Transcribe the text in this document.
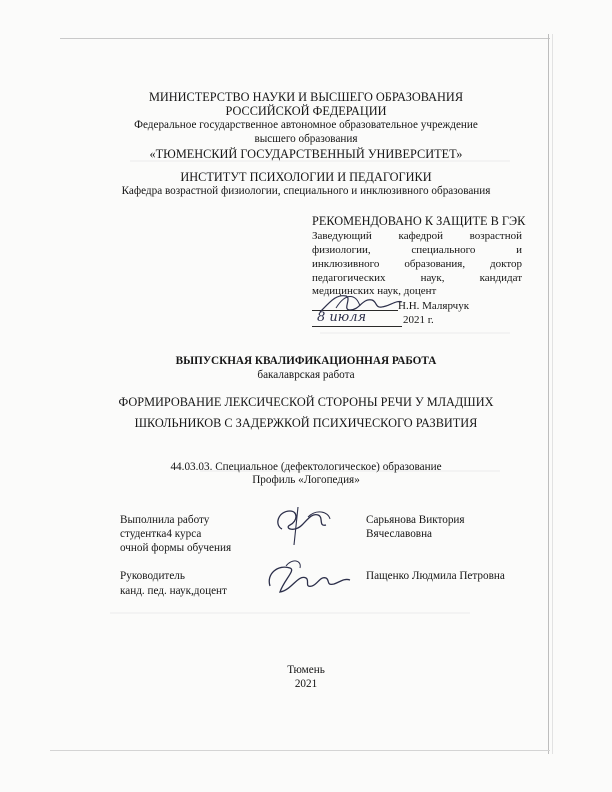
МИНИСТЕРСТВО НАУКИ И ВЫСШЕГО ОБРАЗОВАНИЯ
РОССИЙСКОЙ ФЕДЕРАЦИИ
Федеральное государственное автономное образовательное учреждение
высшего образования
«ТЮМЕНСКИЙ ГОСУДАРСТВЕННЫЙ УНИВЕРСИТЕТ»
ИНСТИТУТ ПСИХОЛОГИИ И ПЕДАГОГИКИ
Кафедра возрастной физиологии, специального и инклюзивного образования
РЕКОМЕНДОВАНО К ЗАЩИТЕ В ГЭК
Заведующий кафедрой возрастной
физиологии, специального и
инклюзивного образования, доктор
педагогических наук, кандидат
медицинских наук, доцент
Н.Н. Малярчук
8 июля	2021 г.
ВЫПУСКНАЯ КВАЛИФИКАЦИОННАЯ РАБОТА
бакалаврская работа
ФОРМИРОВАНИЕ ЛЕКСИЧЕСКОЙ СТОРОНЫ РЕЧИ У МЛАДШИХ
ШКОЛЬНИКОВ С ЗАДЕРЖКОЙ ПСИХИЧЕСКОГО РАЗВИТИЯ
44.03.03. Специальное (дефектологическое) образование
Профиль «Логопедия»
Выполнила работу
студентка4 курса
очной формы обучения
Сарьянова Виктория
Вячеславовна
Руководитель
канд. пед. наук,доцент
Пащенко Людмила Петровна
Тюмень
2021
